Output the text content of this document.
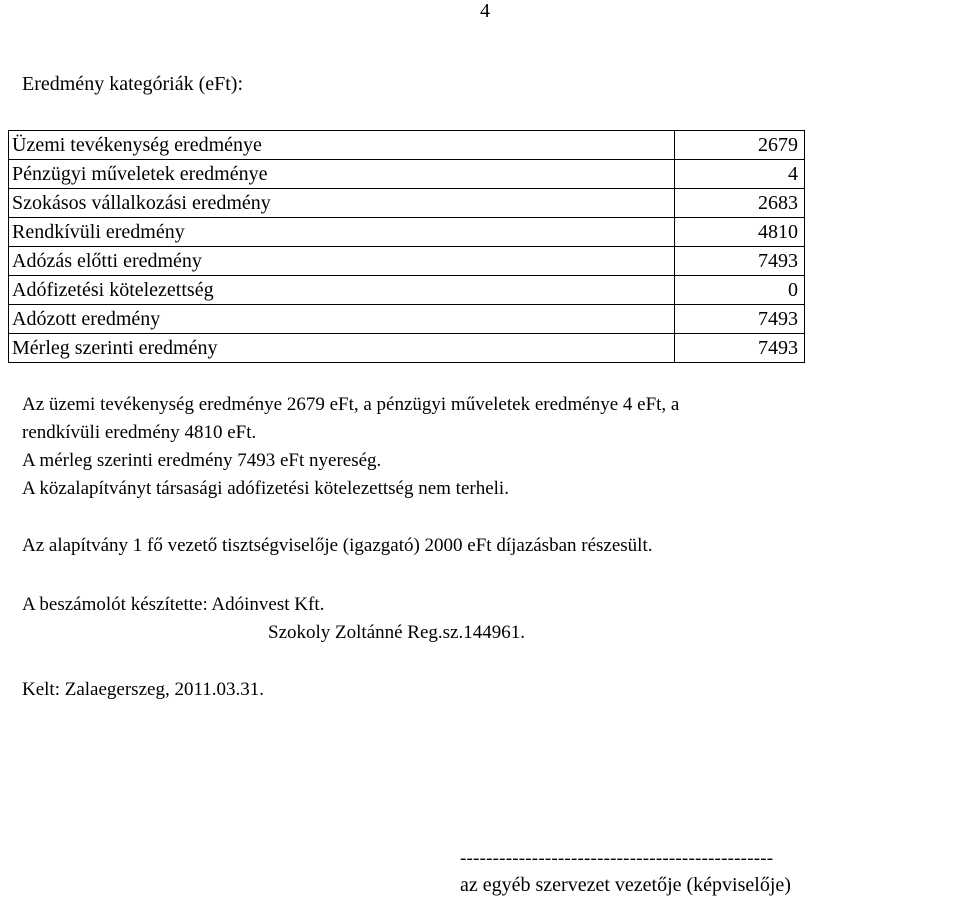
4
Eredmény kategóriák (eFt):
Üzemi tevékenység eredménye	2679
Pénzügyi műveletek eredménye	4
Szokásos vállalkozási eredmény	2683
Rendkívüli eredmény	4810
Adózás előtti eredmény	7493
Adófizetési kötelezettség	0
Adózott eredmény	7493
Mérleg szerinti eredmény	7493
Az üzemi tevékenység eredménye 2679 eFt, a pénzügyi műveletek eredménye 4 eFt, a
rendkívüli eredmény 4810 eFt.
A mérleg szerinti eredmény 7493 eFt nyereség.
A közalapítványt társasági adófizetési kötelezettség nem terheli.
Az alapítvány 1 fő vezető tisztségviselője (igazgató) 2000 eFt díjazásban részesült.
A beszámolót készítette: Adóinvest Kft.
Szokoly Zoltánné Reg.sz.144961.
Kelt: Zalaegerszeg, 2011.03.31.
------------------------------------------------
az egyéb szervezet vezetője (képviselője)
